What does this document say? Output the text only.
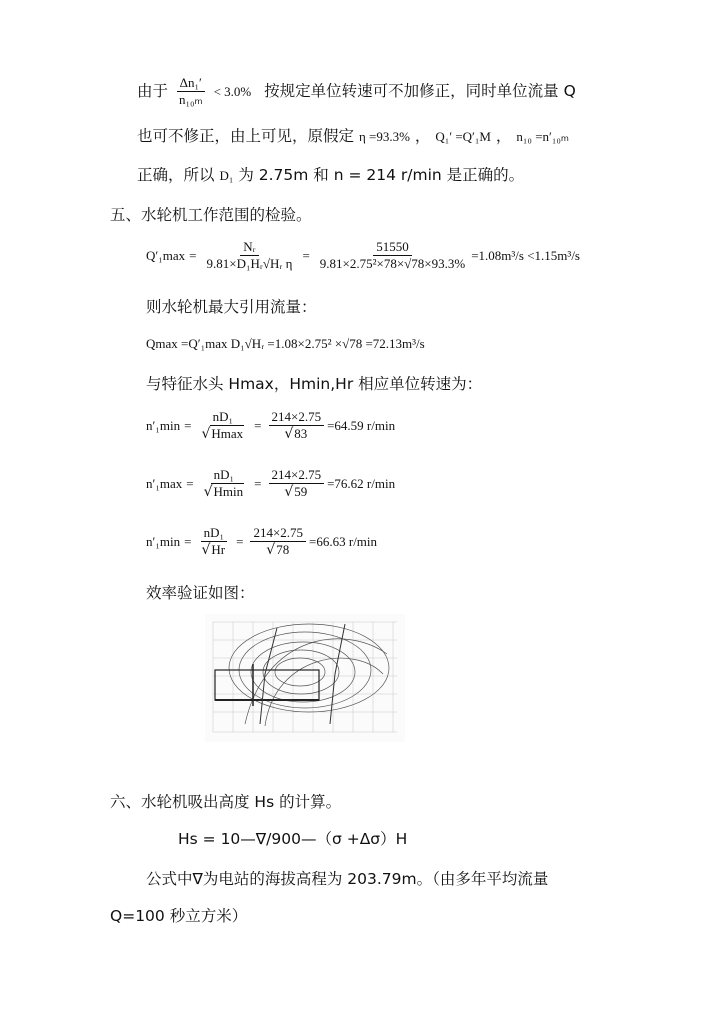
由于 $\frac{\text{Δn₁′}}{\text{n₁₀ₘ}} < 3.0\%$ 按规定单位转速可不加修正，同时单位流量 Q
也可不修正，由上可见，原假定 η =93.3% ， Q₁′ =Q′₁M ， n₁₀ =n′₁₀ₘ
正确，所以 D₁ 为 2.75m 和 n = 214 r/min 是正确的。
五、水轮机工作范围的检验。
$Q'_1\max = \frac{\text{Nᵣ}}{\text{9.81×D₁Hᵣ√Hᵣ η}} = \frac{51550}{\text{9.81×2.75²×78×√78×93.3\%}} =1.08m^3/s <1.15m^3/s$
则水轮机最大引用流量：
Qmax =Q′₁max D₁√Hᵣ =1.08×2.75² ×√78 =72.13m³/s
与特征水头 Hmax，Hmin,Hr 相应单位转速为：
$n'_1\min = \frac{\text{nD₁}}{√Hmax} = \frac{214\times 2.75}{√83} =64.59$ r/min
$n'_1\max = \frac{\text{nD₁}}{√Hmin} = \frac{214\times 2.75}{√59} =76.62$ r/min
$n'_1\min = \frac{\text{nD₁}}{√Hr} = \frac{214\times 2.75}{√78} =66.63$ r/min
效率验证如图：

六、水轮机吸出高度 Hs 的计算。
Hs = 10—∇/900—（σ +Δσ）H
公式中∇为电站的海拔高程为 203.79m。（由多年平均流量
Q=100 秒立方米）
